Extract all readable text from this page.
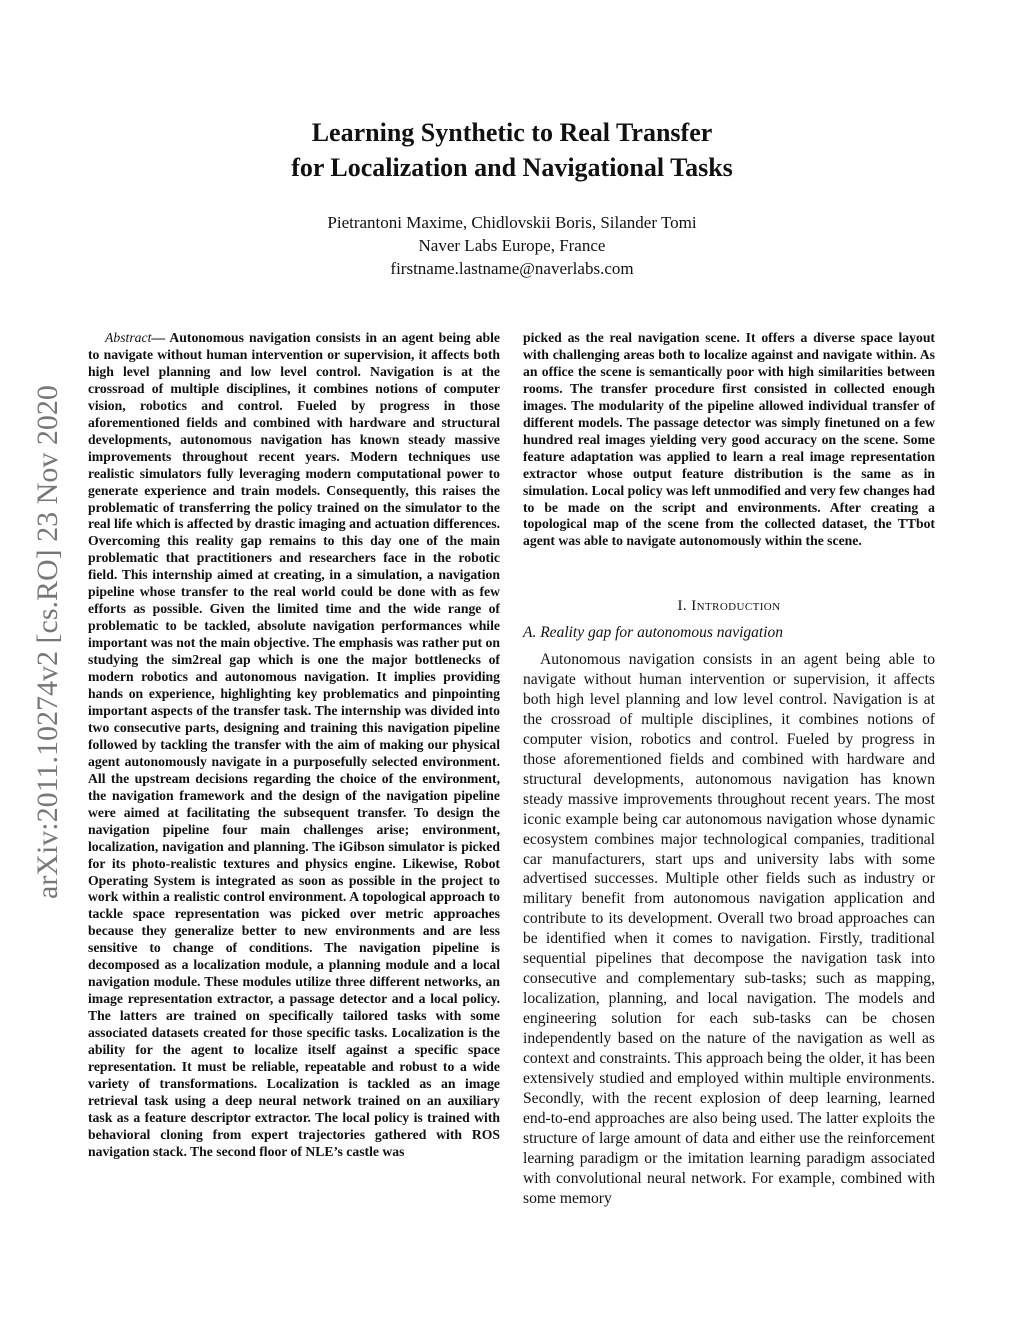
arXiv:2011.10274v2 [cs.RO] 23 Nov 2020
Learning Synthetic to Real Transfer
for Localization and Navigational Tasks
Pietrantoni Maxime, Chidlovskii Boris, Silander Tomi
Naver Labs Europe, France
firstname.lastname@naverlabs.com
Abstract— Autonomous navigation consists in an agent being able to navigate without human intervention or supervision, it affects both high level planning and low level control. Navigation is at the crossroad of multiple disciplines, it combines notions of computer vision, robotics and control. Fueled by progress in those aforementioned fields and combined with hardware and structural developments, autonomous navigation has known steady massive improvements throughout recent years. Modern techniques use realistic simulators fully leveraging modern computational power to generate experience and train models. Consequently, this raises the problematic of transferring the policy trained on the simulator to the real life which is affected by drastic imaging and actuation differences. Overcoming this reality gap remains to this day one of the main problematic that practitioners and researchers face in the robotic field. This internship aimed at creating, in a simulation, a navigation pipeline whose transfer to the real world could be done with as few efforts as possible. Given the limited time and the wide range of problematic to be tackled, absolute navigation performances while important was not the main objective. The emphasis was rather put on studying the sim2real gap which is one the major bottlenecks of modern robotics and autonomous navigation. It implies providing hands on experience, highlighting key problematics and pinpointing important aspects of the transfer task. The internship was divided into two consecutive parts, designing and training this navigation pipeline followed by tackling the transfer with the aim of making our physical agent autonomously navigate in a purposefully selected environment. All the upstream decisions regarding the choice of the environment, the navigation framework and the design of the navigation pipeline were aimed at facilitating the subsequent transfer. To design the navigation pipeline four main challenges arise; environment, localization, navigation and planning. The iGibson simulator is picked for its photo-realistic textures and physics engine. Likewise, Robot Operating System is integrated as soon as possible in the project to work within a realistic control environment. A topological approach to tackle space representation was picked over metric approaches because they generalize better to new environments and are less sensitive to change of conditions. The navigation pipeline is decomposed as a localization module, a planning module and a local navigation module. These modules utilize three different networks, an image representation extractor, a passage detector and a local policy. The latters are trained on specifically tailored tasks with some associated datasets created for those specific tasks. Localization is the ability for the agent to localize itself against a specific space representation. It must be reliable, repeatable and robust to a wide variety of transformations. Localization is tackled as an image retrieval task using a deep neural network trained on an auxiliary task as a feature descriptor extractor. The local policy is trained with behavioral cloning from expert trajectories gathered with ROS navigation stack. The second floor of NLE’s castle was
picked as the real navigation scene. It offers a diverse space layout with challenging areas both to localize against and navigate within. As an office the scene is semantically poor with high similarities between rooms. The transfer procedure first consisted in collected enough images. The modularity of the pipeline allowed individual transfer of different models. The passage detector was simply finetuned on a few hundred real images yielding very good accuracy on the scene. Some feature adaptation was applied to learn a real image representation extractor whose output feature distribution is the same as in simulation. Local policy was left unmodified and very few changes had to be made on the script and environments. After creating a topological map of the scene from the collected dataset, the TTbot agent was able to navigate autonomously within the scene.
I. Introduction
A. Reality gap for autonomous navigation
Autonomous navigation consists in an agent being able to navigate without human intervention or supervision, it affects both high level planning and low level control. Navigation is at the crossroad of multiple disciplines, it combines notions of computer vision, robotics and control. Fueled by progress in those aforementioned fields and combined with hardware and structural developments, autonomous navigation has known steady massive improvements throughout recent years. The most iconic example being car autonomous navigation whose dynamic ecosystem combines major technological companies, traditional car manufacturers, start ups and university labs with some advertised successes. Multiple other fields such as industry or military benefit from autonomous navigation application and contribute to its development. Overall two broad approaches can be identified when it comes to navigation. Firstly, traditional sequential pipelines that decompose the navigation task into consecutive and complementary sub-tasks; such as mapping, localization, planning, and local navigation. The models and engineering solution for each sub-tasks can be chosen independently based on the nature of the navigation as well as context and constraints. This approach being the older, it has been extensively studied and employed within multiple environments. Secondly, with the recent explosion of deep learning, learned end-to-end approaches are also being used. The latter exploits the structure of large amount of data and either use the reinforcement learning paradigm or the imitation learning paradigm associated with convolutional neural network. For example, combined with some memory
